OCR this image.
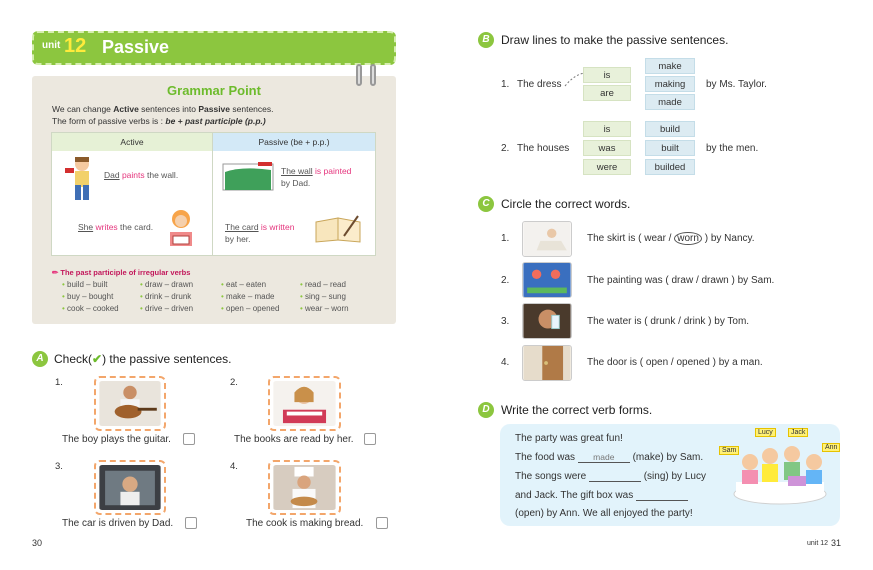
unit 12 Passive
Grammar Point
We can change Active sentences into Passive sentences.
The form of passive verbs is : be + past participle (p.p.)
Active	Passive (be + p.p.)
Dad paints the wall.	The wall is painted
by Dad.
She writes the card.	The card is written
by her.
✏ The past participle of irregular verbs
• build – built
• buy – bought
• cook – cooked
• draw – drawn
• drink – drunk
• drive – driven
• eat – eaten
• make – made
• open – opened
• read – read
• sing – sung
• wear – worn
A Check(✔) the passive sentences.
1.
The boy plays the guitar.
2.
The books are read by her.
3.
The car is driven by Dad.
4.
The cook is making bread.
30
B Draw lines to make the passive sentences.
1. The dress
is
are
make
making
made
by Ms. Taylor.
2. The houses
is
was
were
build
built
builded
by the men.
C Circle the correct words.
1.	The skirt is ( wear / worn ) by Nancy.
2.	The painting was ( draw / drawn ) by Sam.
3.	The water is ( drunk / drink ) by Tom.
4.	The door is ( open / opened ) by a man.
D Write the correct verb forms.
The party was great fun!
The food was made (make) by Sam.
The songs were	(sing) by Lucy
and Jack. The gift box was
(open) by Ann. We all enjoyed the party!
Lucy	Jack
Sam	Ann
unit 12 31
